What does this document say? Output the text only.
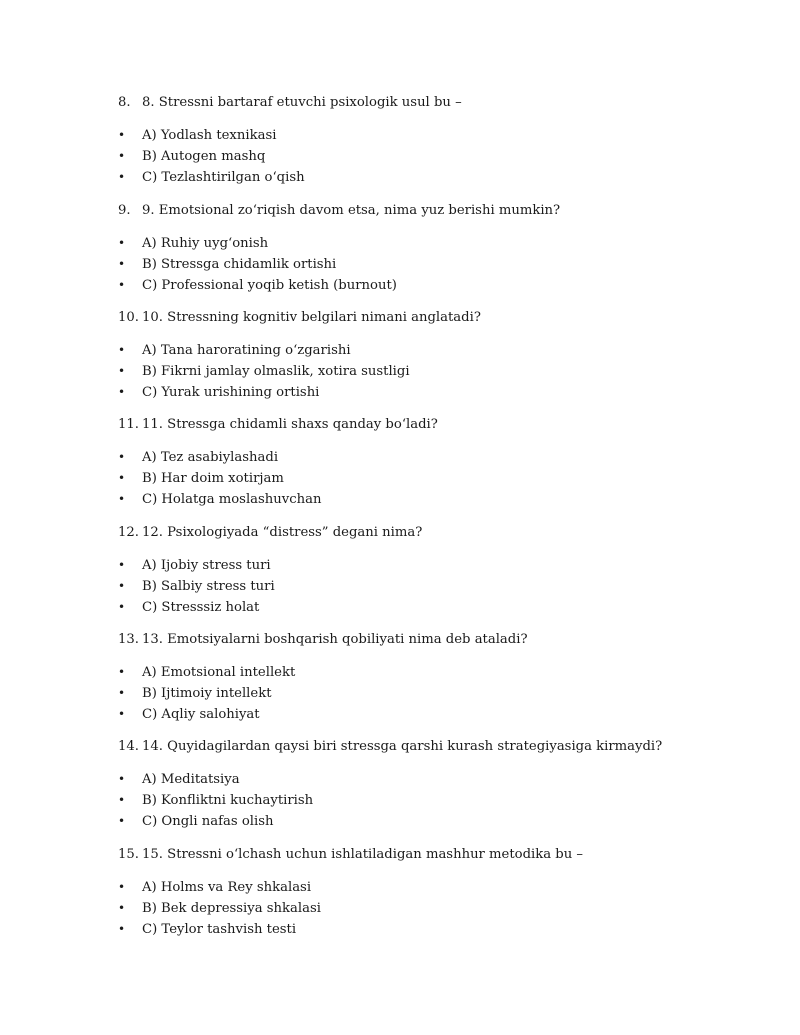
8. 8. Stressni bartaraf etuvchi psixologik usul bu –
• A) Yodlash texnikasi
• B) Autogen mashq
• C) Tezlashtirilgan o‘qish
9. 9. Emotsional zo‘riqish davom etsa, nima yuz berishi mumkin?
• A) Ruhiy uyg‘onish
• B) Stressga chidamlik ortishi
• C) Professional yoqib ketish (burnout)
10. 10. Stressning kognitiv belgilari nimani anglatadi?
• A) Tana haroratining o‘zgarishi
• B) Fikrni jamlay olmaslik, xotira sustligi
• C) Yurak urishining ortishi
11. 11. Stressga chidamli shaxs qanday bo‘ladi?
• A) Tez asabiylashadi
• B) Har doim xotirjam
• C) Holatga moslashuvchan
12. 12. Psixologiyada “distress” degani nima?
• A) Ijobiy stress turi
• B) Salbiy stress turi
• C) Stresssiz holat
13. 13. Emotsiyalarni boshqarish qobiliyati nima deb ataladi?
• A) Emotsional intellekt
• B) Ijtimoiy intellekt
• C) Aqliy salohiyat
14. 14. Quyidagilardan qaysi biri stressga qarshi kurash strategiyasiga kirmaydi?
• A) Meditatsiya
• B) Konfliktni kuchaytirish
• C) Ongli nafas olish
15. 15. Stressni o‘lchash uchun ishlatiladigan mashhur metodika bu –
• A) Holms va Rey shkalasi
• B) Bek depressiya shkalasi
• C) Teylor tashvish testi
